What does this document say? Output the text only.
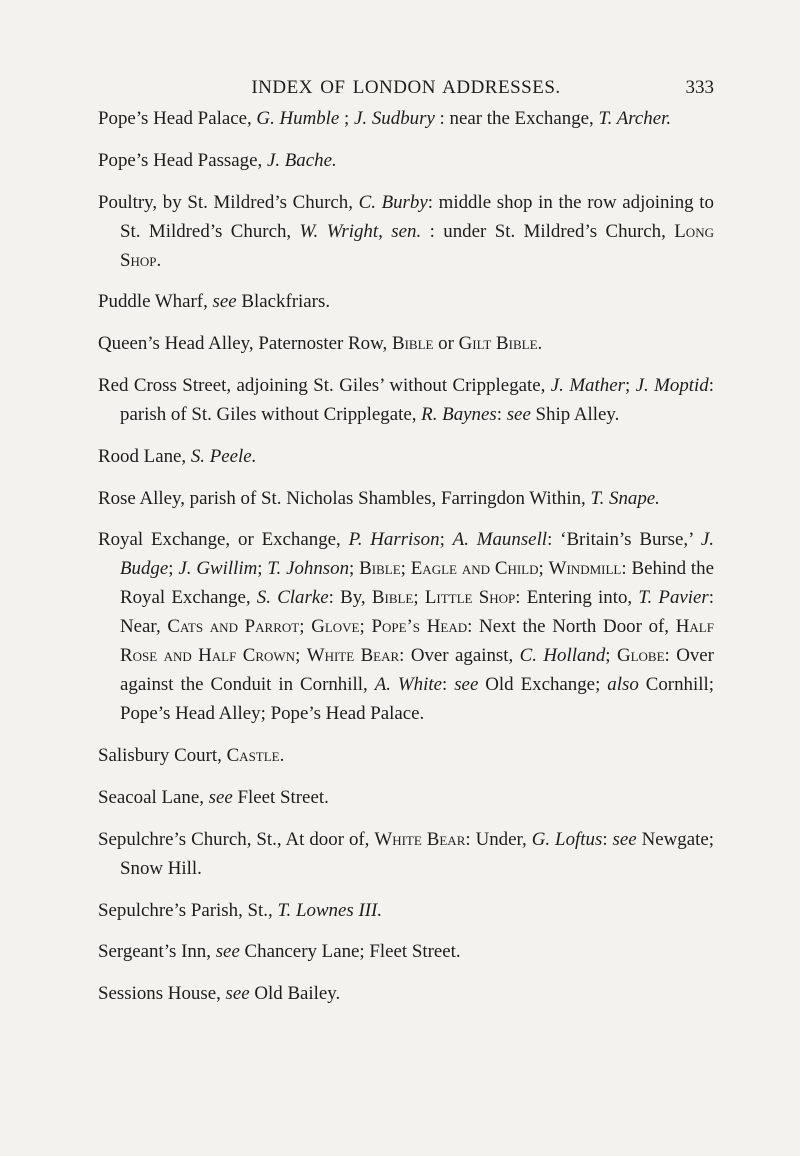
INDEX OF LONDON ADDRESSES.	333

Pope’s Head Palace, G. Humble ; J. Sudbury : near the Exchange, T. Archer.

Pope’s Head Passage, J. Bache.

Poultry, by St. Mildred’s Church, C. Burby: middle shop in the row adjoining to St. Mildred’s Church, W. Wright, sen. : under St. Mildred’s Church, Long Shop.

Puddle Wharf, see Blackfriars.

Queen’s Head Alley, Paternoster Row, Bible or Gilt Bible.

Red Cross Street, adjoining St. Giles’ without Cripplegate, J. Mather; J. Moptid: parish of St. Giles without Cripplegate, R. Baynes: see Ship Alley.

Rood Lane, S. Peele.

Rose Alley, parish of St. Nicholas Shambles, Farringdon Within, T. Snape.

Royal Exchange, or Exchange, P. Harrison; A. Maunsell: ‘Britain’s Burse,’ J. Budge; J. Gwillim; T. Johnson; Bible; Eagle and Child; Windmill: Behind the Royal Exchange, S. Clarke: By, Bible; Little Shop: Entering into, T. Pavier: Near, Cats and Parrot; Glove; Pope’s Head: Next the North Door of, Half Rose and Half Crown; White Bear: Over against, C. Holland; Globe: Over against the Conduit in Cornhill, A. White: see Old Exchange; also Cornhill; Pope’s Head Alley; Pope’s Head Palace.

Salisbury Court, Castle.

Seacoal Lane, see Fleet Street.

Sepulchre’s Church, St., At door of, White Bear: Under, G. Loftus: see Newgate; Snow Hill.

Sepulchre’s Parish, St., T. Lownes III.

Sergeant’s Inn, see Chancery Lane; Fleet Street.

Sessions House, see Old Bailey.
